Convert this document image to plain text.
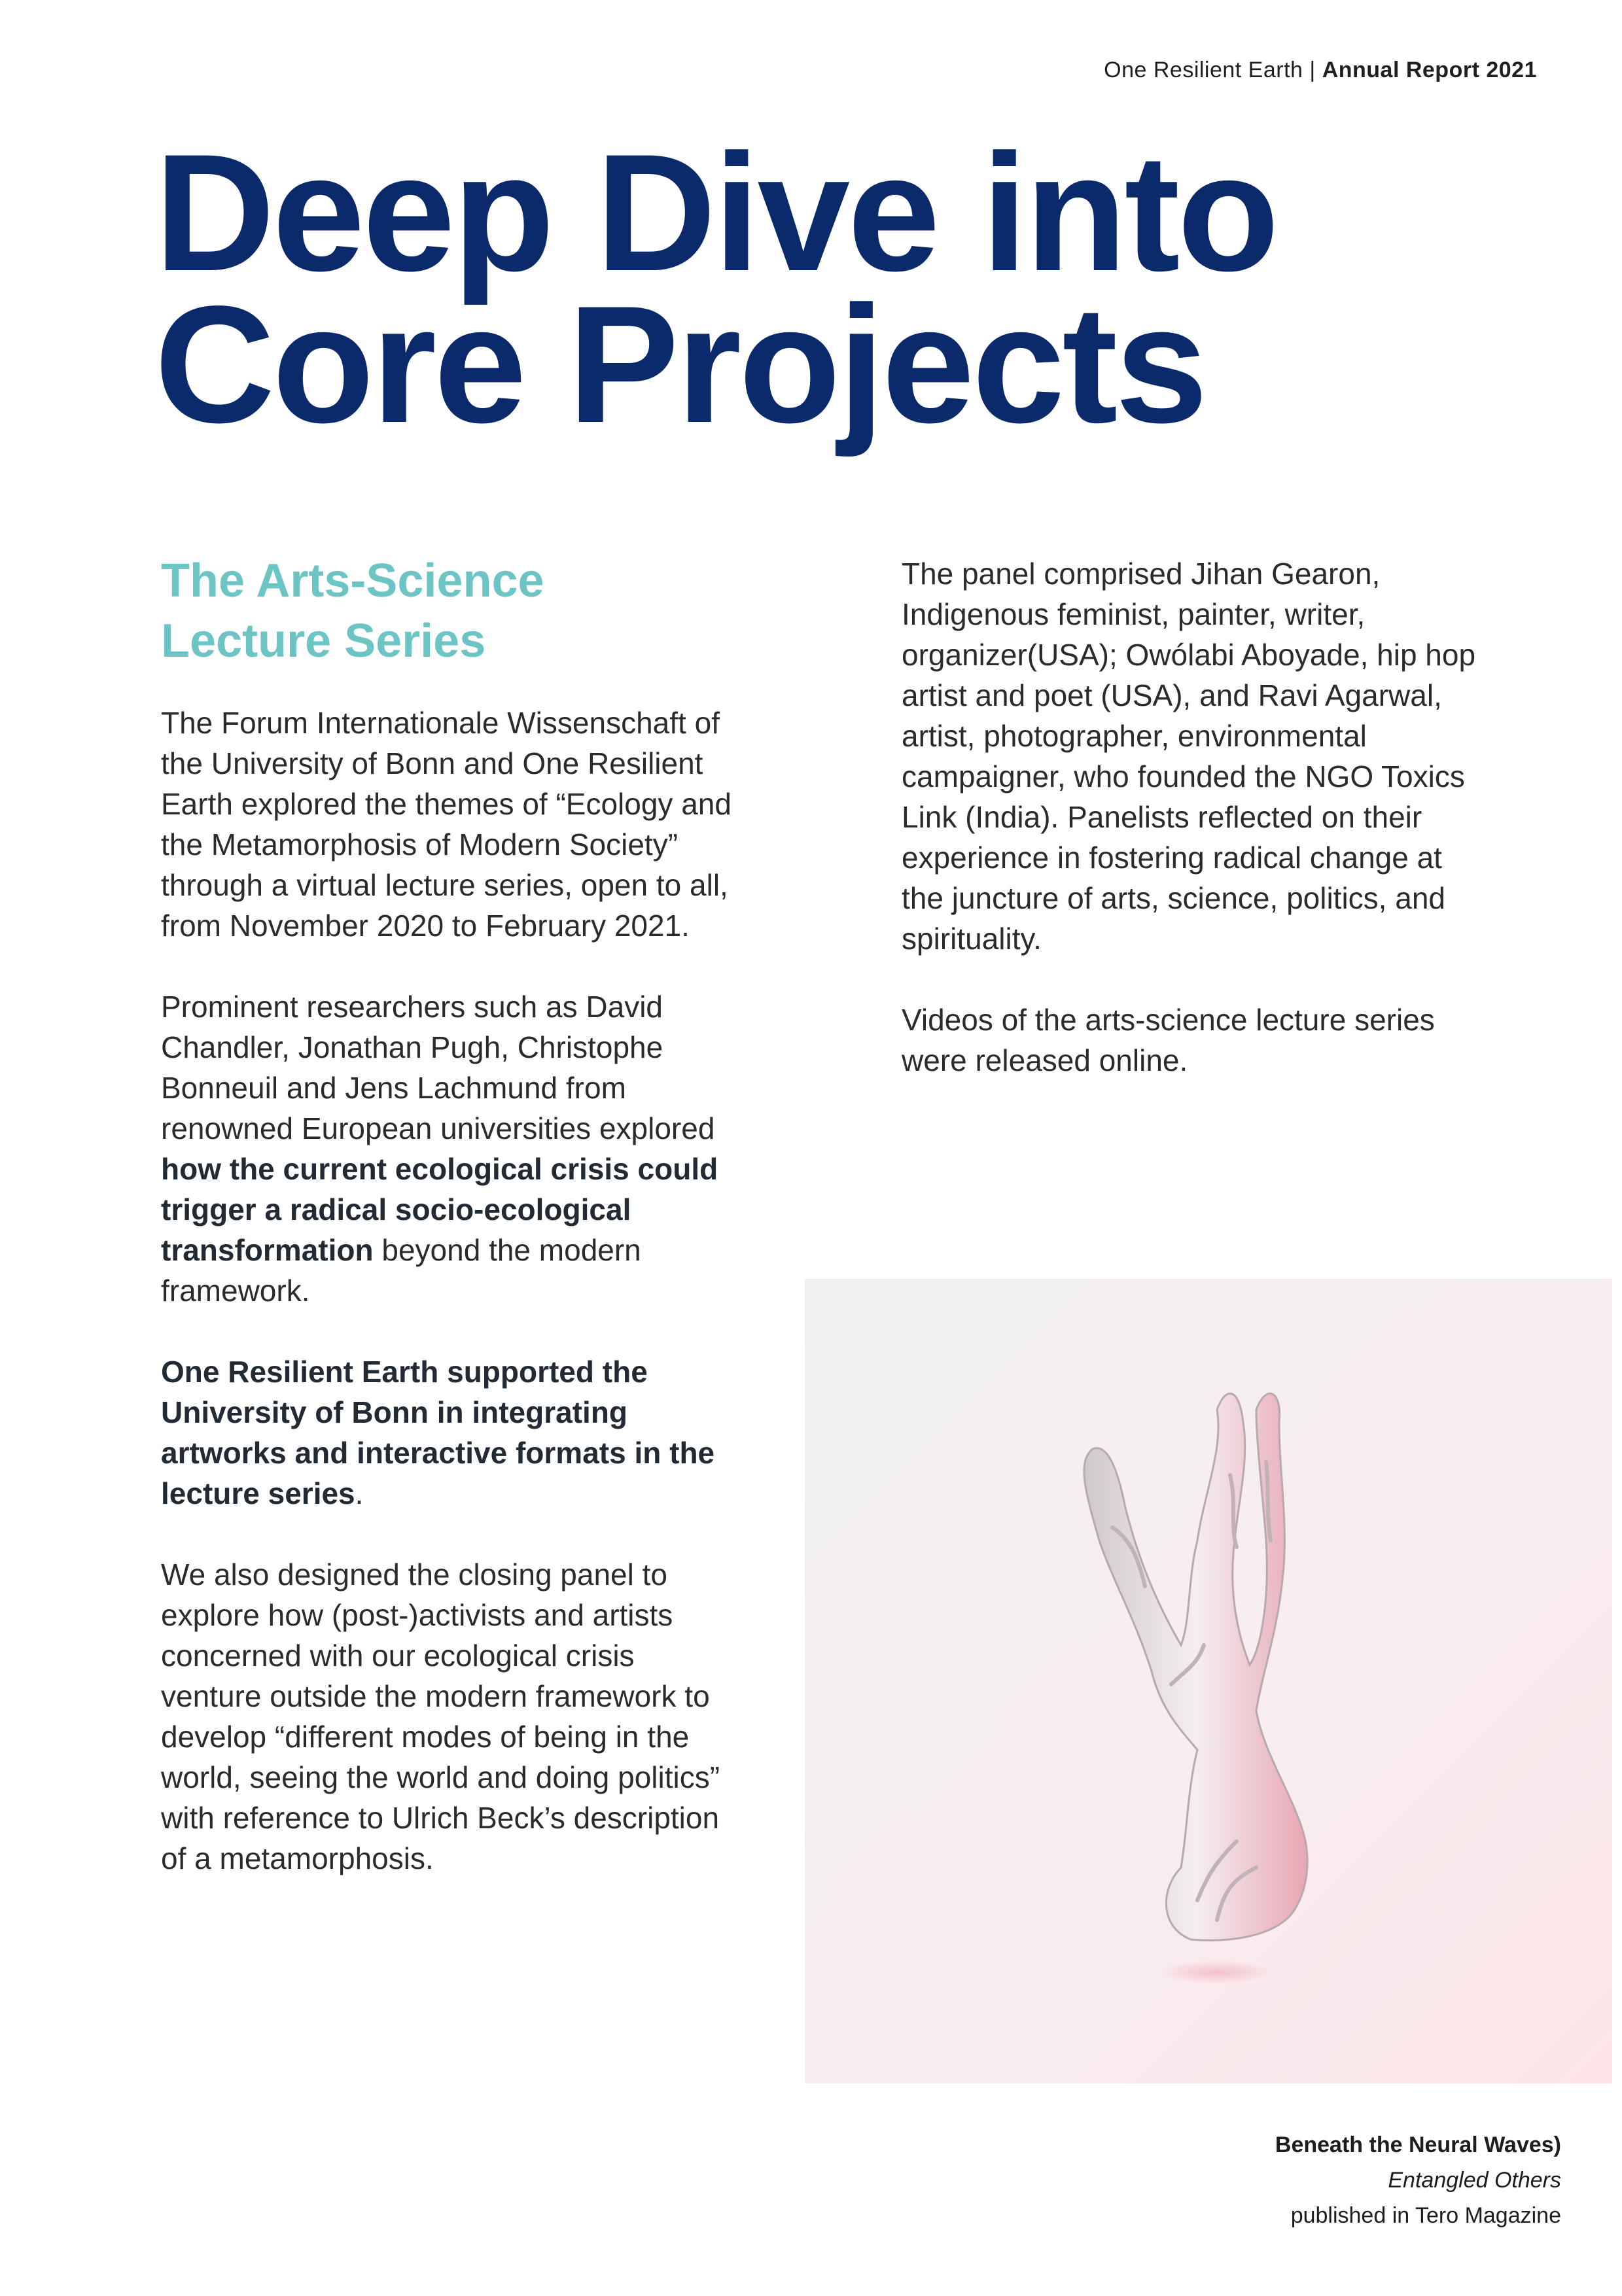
One Resilient Earth | Annual Report 2021
Deep Dive into
Core Projects
The Arts-Science
Lecture Series

The Forum Internationale Wissenschaft of the University of Bonn and One Resilient Earth explored the themes of “Ecology and the Metamorphosis of Modern Society” through a virtual lecture series, open to all, from November 2020 to February 2021.

Prominent researchers such as David Chandler, Jonathan Pugh, Christophe Bonneuil and Jens Lachmund from renowned European universities explored how the current ecological crisis could trigger a radical socio-ecological transformation beyond the modern framework.

One Resilient Earth supported the University of Bonn in integrating artworks and interactive formats in the lecture series.

We also designed the closing panel to explore how (post-)activists and artists concerned with our ecological crisis venture outside the modern framework to develop “different modes of being in the world, seeing the world and doing politics” with reference to Ulrich Beck’s description of a metamorphosis.

The panel comprised Jihan Gearon, Indigenous feminist, painter, writer, organizer(USA); Owólabi Aboyade, hip hop artist and poet (USA), and Ravi Agarwal, artist, photographer, environmental campaigner, who founded the NGO Toxics Link (India). Panelists reflected on their experience in fostering radical change at the juncture of arts, science, politics, and spirituality.

Videos of the arts-science lecture series were released online.

Beneath the Neural Waves)
Entangled Others
published in Tero Magazine
